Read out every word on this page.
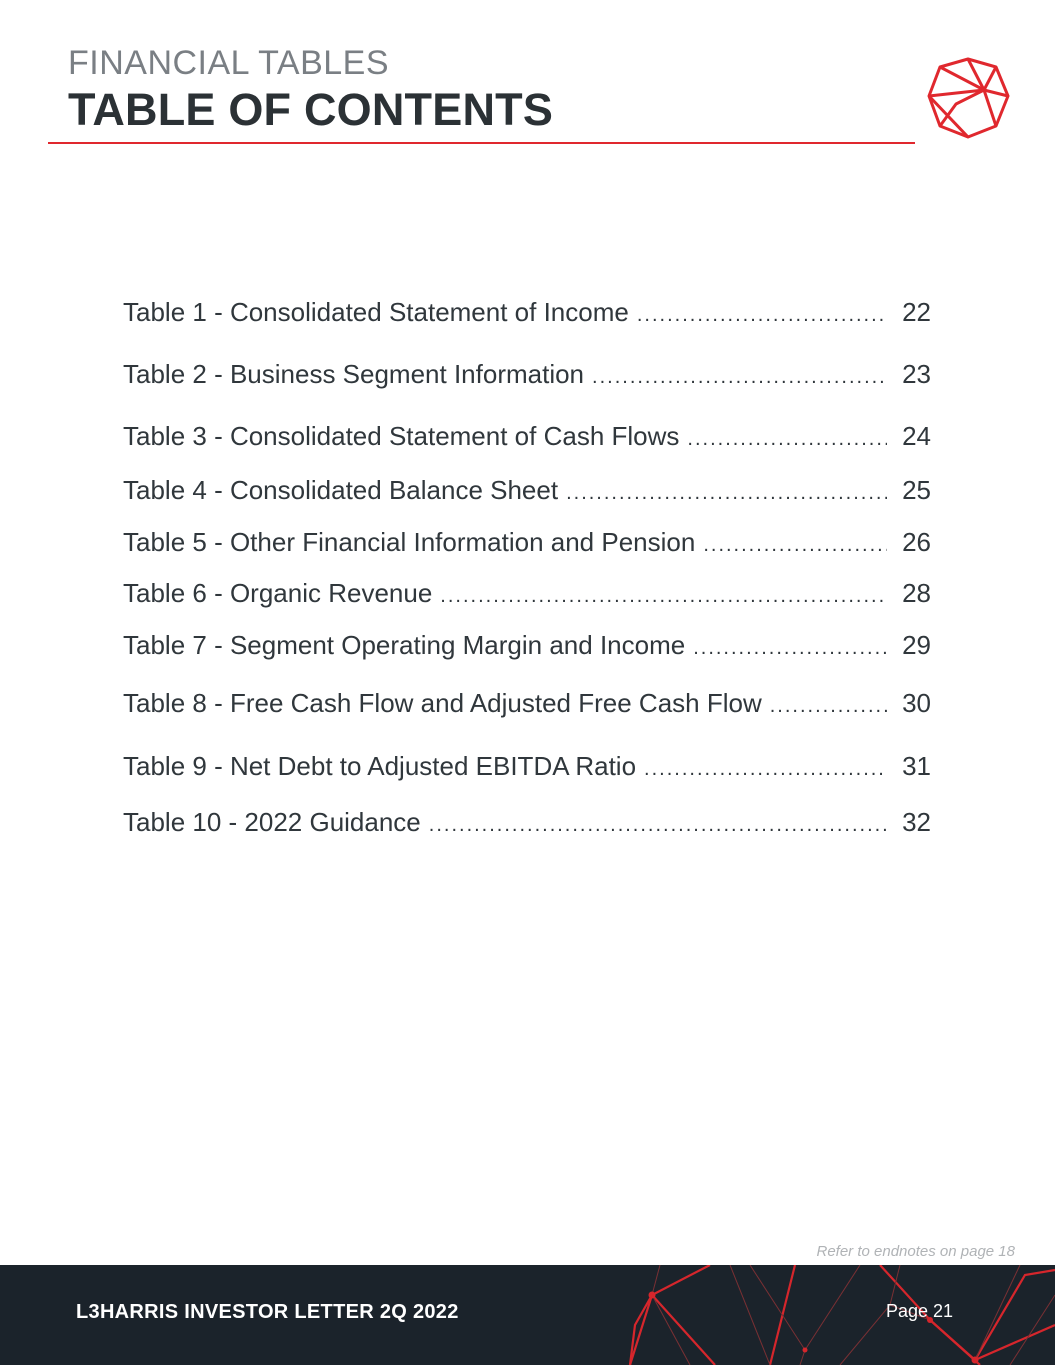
FINANCIAL TABLES
TABLE OF CONTENTS
Table 1 - Consolidated Statement of Income .....	22
Table 2 - Business Segment Information .....	23
Table 3 - Consolidated Statement of Cash Flows .....	24
Table 4 - Consolidated Balance Sheet .....	25
Table 5 - Other Financial Information and Pension .....	26
Table 6 - Organic Revenue .....	28
Table 7 - Segment Operating Margin and Income .....	29
Table 8 - Free Cash Flow and Adjusted Free Cash Flow .....	30
Table 9 - Net Debt to Adjusted EBITDA Ratio .....	31
Table 10 - 2022 Guidance .....	32
Refer to endnotes on page 18
L3HARRIS INVESTOR LETTER 2Q 2022	Page 21
